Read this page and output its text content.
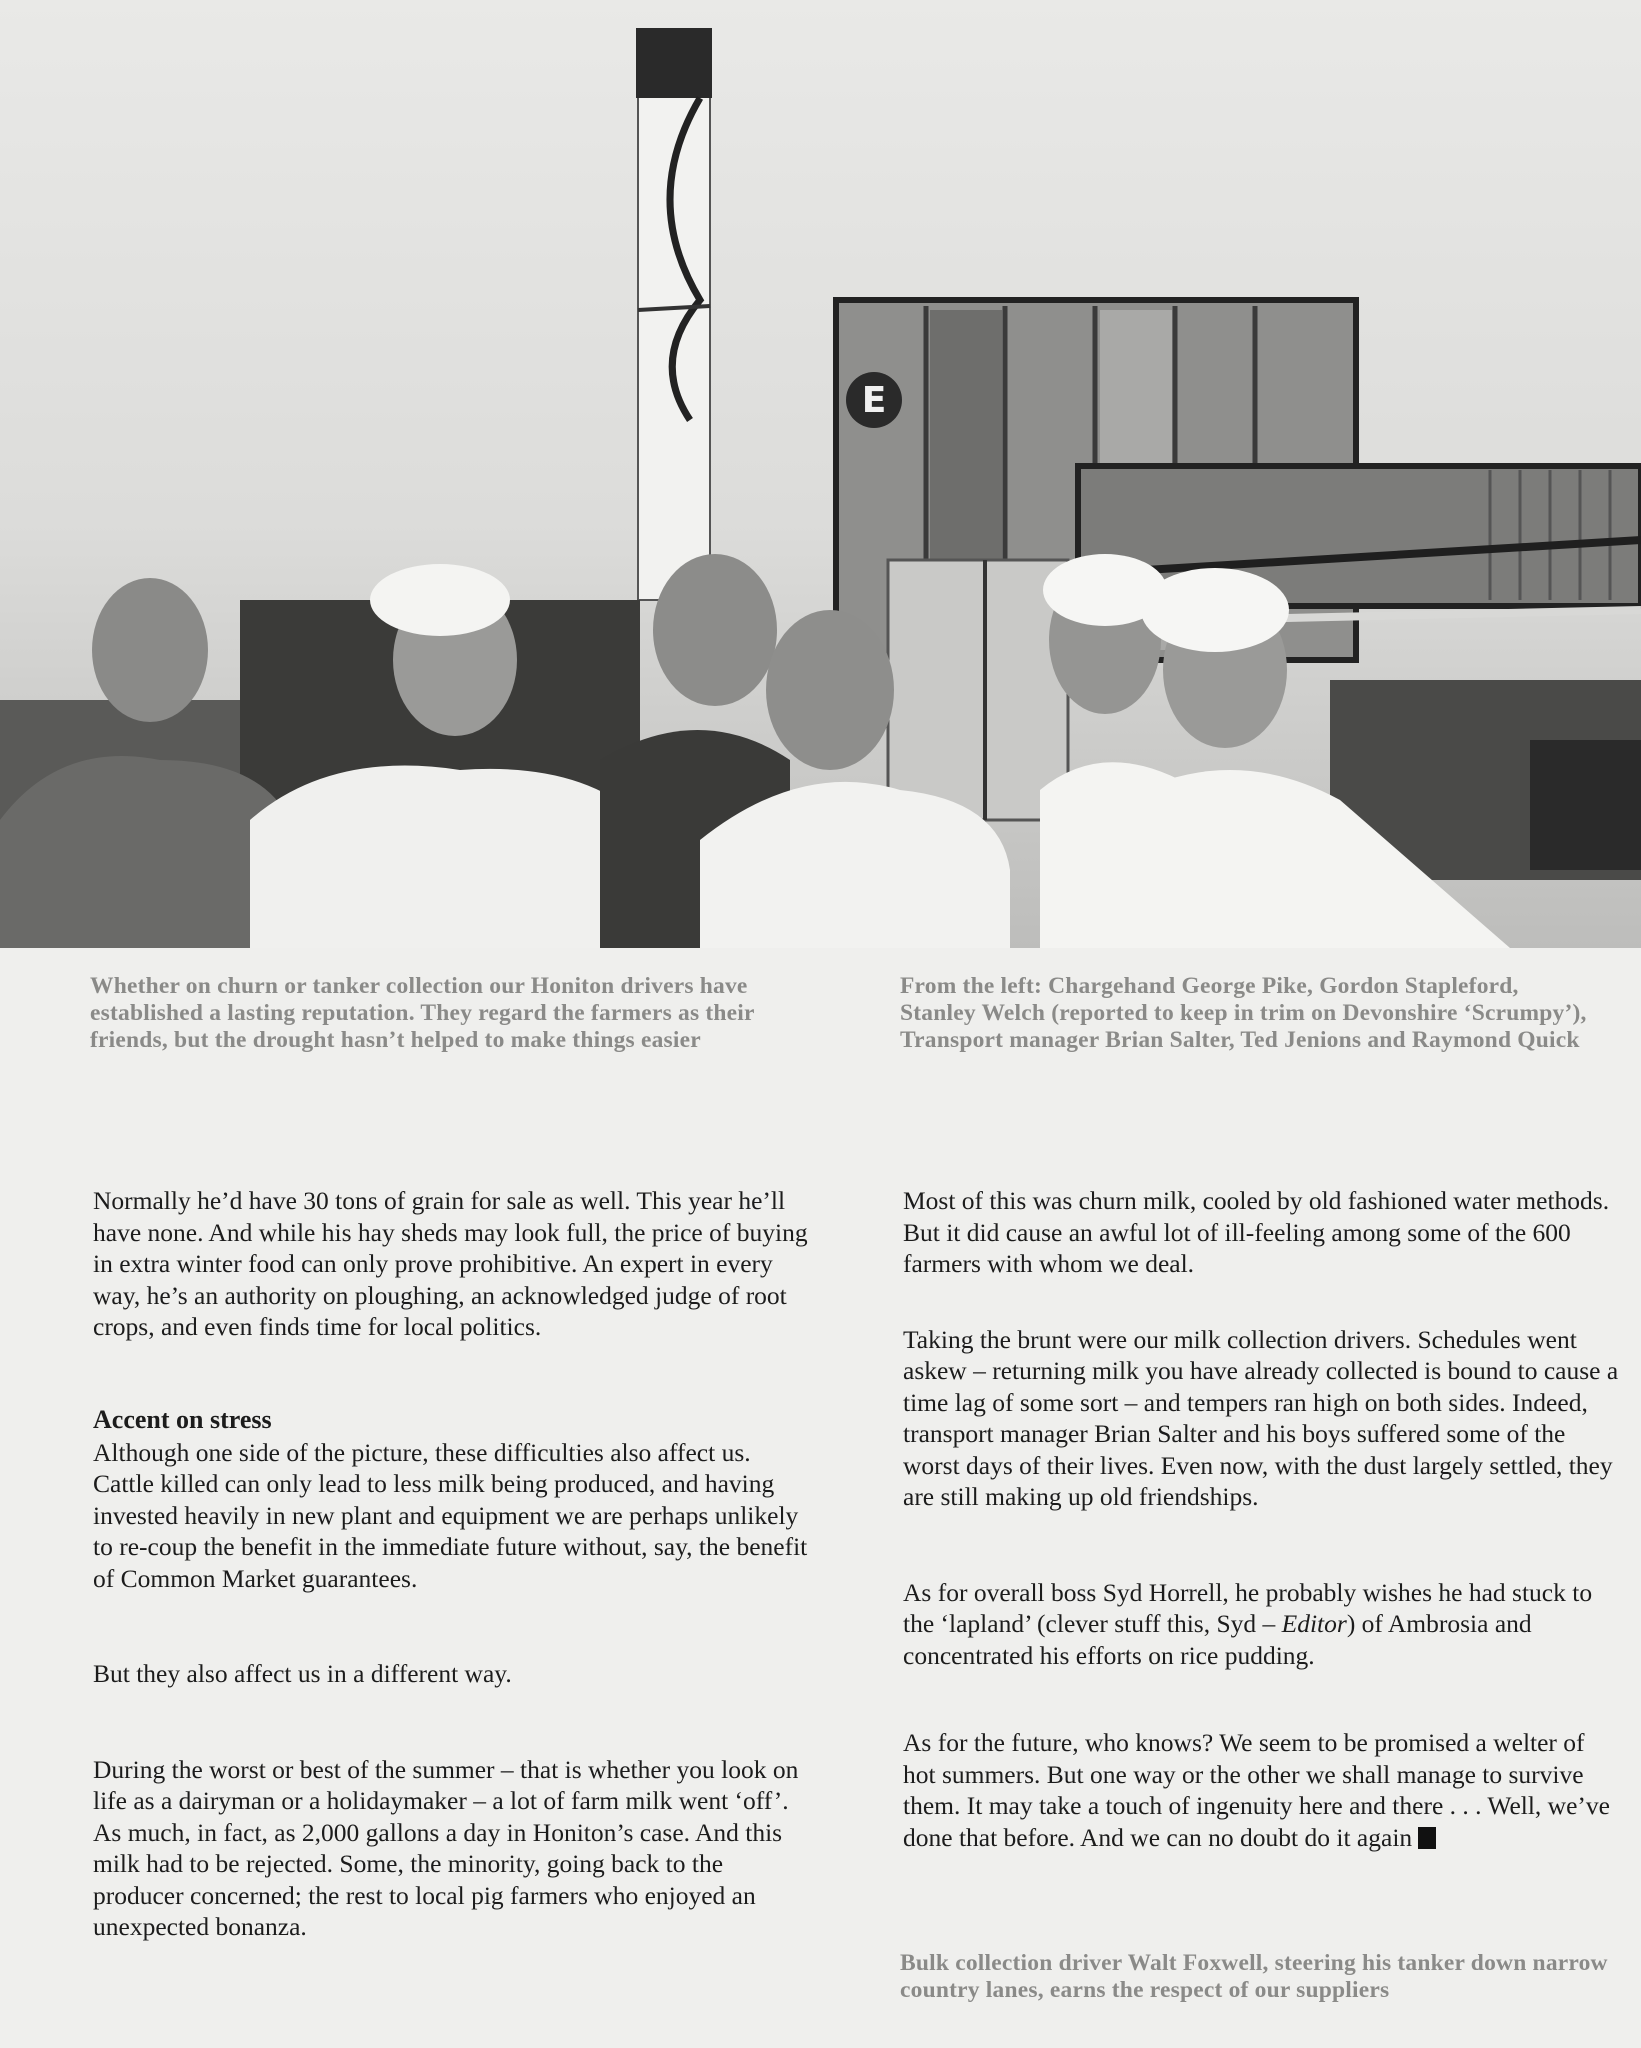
E
Whether on churn or tanker collection our Honiton drivers have established a lasting reputation. They regard the farmers as their friends, but the drought hasn’t helped to make things easier
From the left: Chargehand George Pike, Gordon Stapleford, Stanley Welch (reported to keep in trim on Devonshire ‘Scrumpy’), Transport manager Brian Salter, Ted Jenions and Raymond Quick

Normally he’d have 30 tons of grain for sale as well. This year he’ll have none. And while his hay sheds may look full, the price of buying in extra winter food can only prove prohibitive. An expert in every way, he’s an authority on ploughing, an acknowledged judge of root crops, and even finds time for local politics.

Accent on stress

Although one side of the picture, these difficulties also affect us. Cattle killed can only lead to less milk being produced, and having invested heavily in new plant and equipment we are perhaps unlikely to re-coup the benefit in the immediate future without, say, the benefit of Common Market guarantees.

But they also affect us in a different way.

During the worst or best of the summer – that is whether you look on life as a dairyman or a holidaymaker – a lot of farm milk went ‘off’. As much, in fact, as 2,000 gallons a day in Honiton’s case. And this milk had to be rejected. Some, the minority, going back to the producer concerned; the rest to local pig farmers who enjoyed an unexpected bonanza.

Most of this was churn milk, cooled by old fashioned water methods. But it did cause an awful lot of ill-feeling among some of the 600 farmers with whom we deal.

Taking the brunt were our milk collection drivers. Schedules went askew – returning milk you have already collected is bound to cause a time lag of some sort – and tempers ran high on both sides. Indeed, transport manager Brian Salter and his boys suffered some of the worst days of their lives. Even now, with the dust largely settled, they are still making up old friendships.

As for overall boss Syd Horrell, he probably wishes he had stuck to the ‘lapland’ (clever stuff this, Syd – Editor) of Ambrosia and concentrated his efforts on rice pudding.

As for the future, who knows? We seem to be promised a welter of hot summers. But one way or the other we shall manage to survive them. It may take a touch of ingenuity here and there . . . Well, we’ve done that before. And we can no doubt do it again

Bulk collection driver Walt Foxwell, steering his tanker down narrow country lanes, earns the respect of our suppliers
